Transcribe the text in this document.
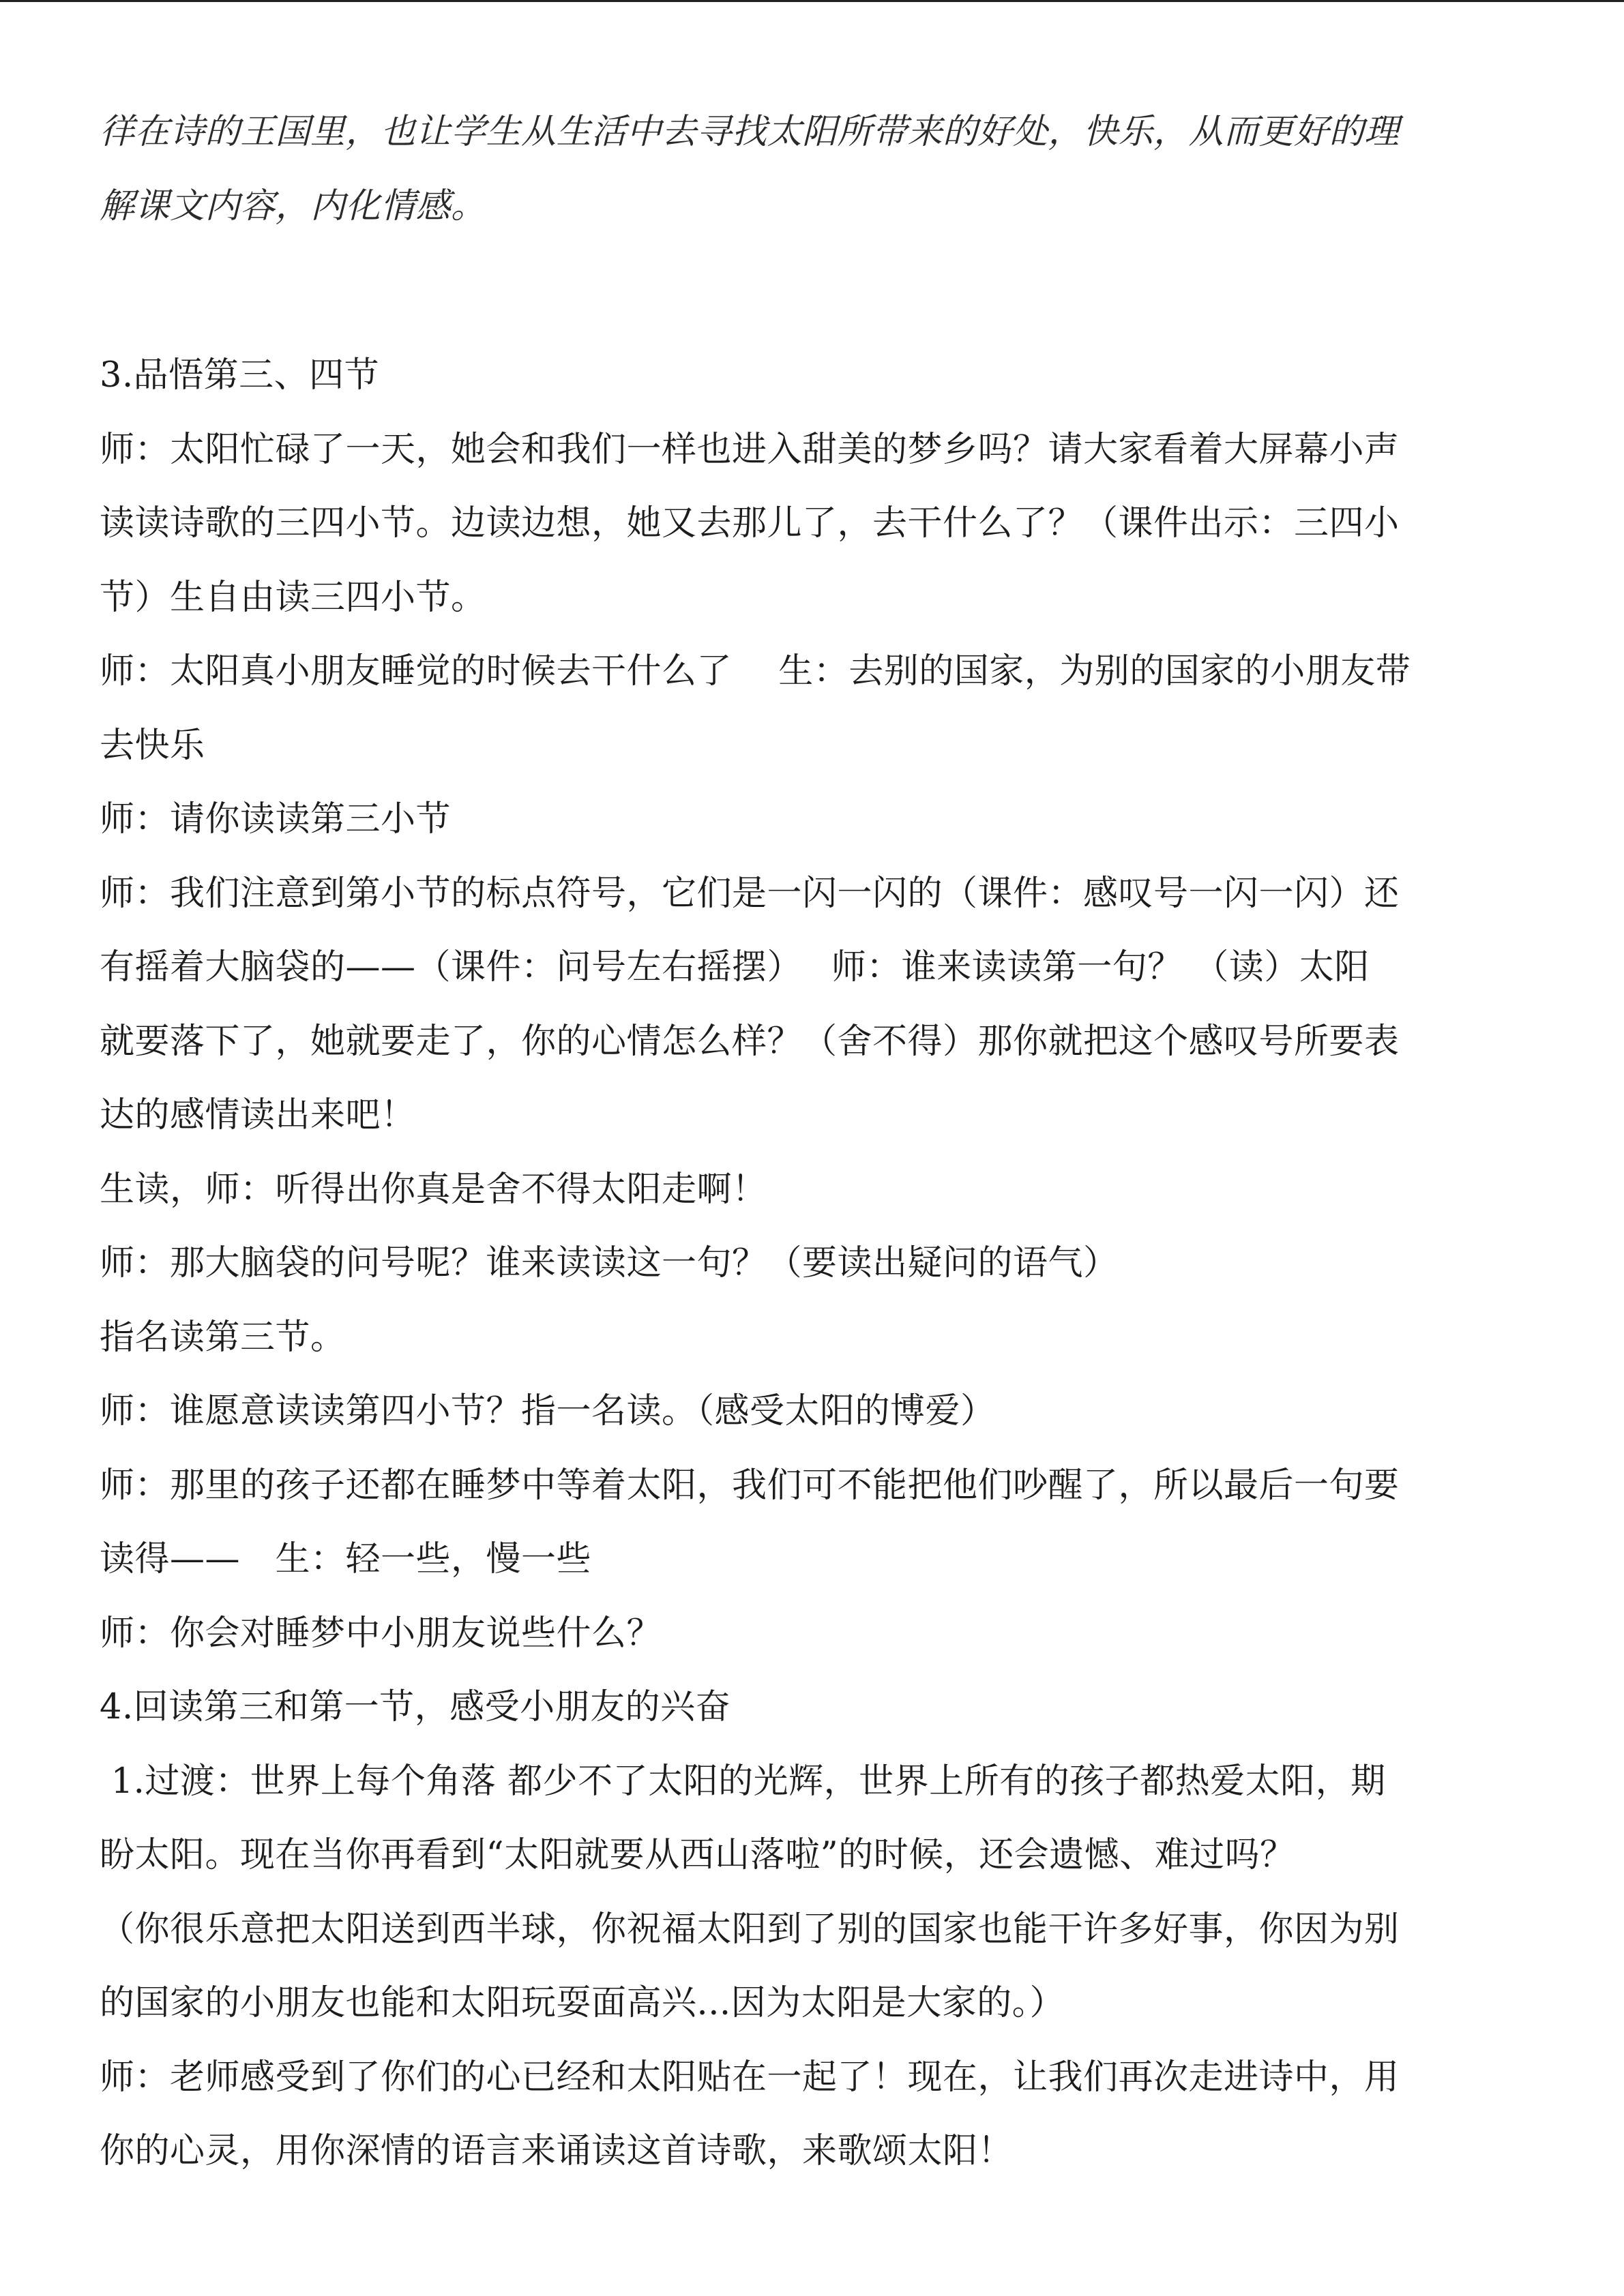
徉在诗的王国里，也让学生从生活中去寻找太阳所带来的好处，快乐，从而更好的理
解课文内容，内化情感。
3.品悟第三、四节
师：太阳忙碌了一天，她会和我们一样也进入甜美的梦乡吗？请大家看着大屏幕小声
读读诗歌的三四小节。边读边想，她又去那儿了，去干什么了？（课件出示：三四小
节）生自由读三四小节。
师：太阳真小朋友睡觉的时候去干什么了　 生：去别的国家，为别的国家的小朋友带
去快乐
师：请你读读第三小节
师：我们注意到第小节的标点符号，它们是一闪一闪的（课件：感叹号一闪一闪）还
有摇着大脑袋的——（课件：问号左右摇摆）　 师：谁来读读第一句？ （读）太阳
就要落下了，她就要走了，你的心情怎么样？（舍不得）那你就把这个感叹号所要表
达的感情读出来吧！
生读，师：听得出你真是舍不得太阳走啊！
师：那大脑袋的问号呢？谁来读读这一句？（要读出疑问的语气）
指名读第三节。
师：谁愿意读读第四小节？指一名读。（感受太阳的博爱）
师：那里的孩子还都在睡梦中等着太阳，我们可不能把他们吵醒了，所以最后一句要
读得——　生：轻一些，慢一些
师：你会对睡梦中小朋友说些什么？
4.回读第三和第一节，感受小朋友的兴奋
1.过渡：世界上每个角落 都少不了太阳的光辉，世界上所有的孩子都热爱太阳，期
盼太阳。现在当你再看到“太阳就要从西山落啦”的时候，还会遗憾、难过吗？
（你很乐意把太阳送到西半球，你祝福太阳到了别的国家也能干许多好事，你因为别
的国家的小朋友也能和太阳玩耍面高兴...因为太阳是大家的。）
师：老师感受到了你们的心已经和太阳贴在一起了！现在，让我们再次走进诗中，用
你的心灵，用你深情的语言来诵读这首诗歌，来歌颂太阳！
